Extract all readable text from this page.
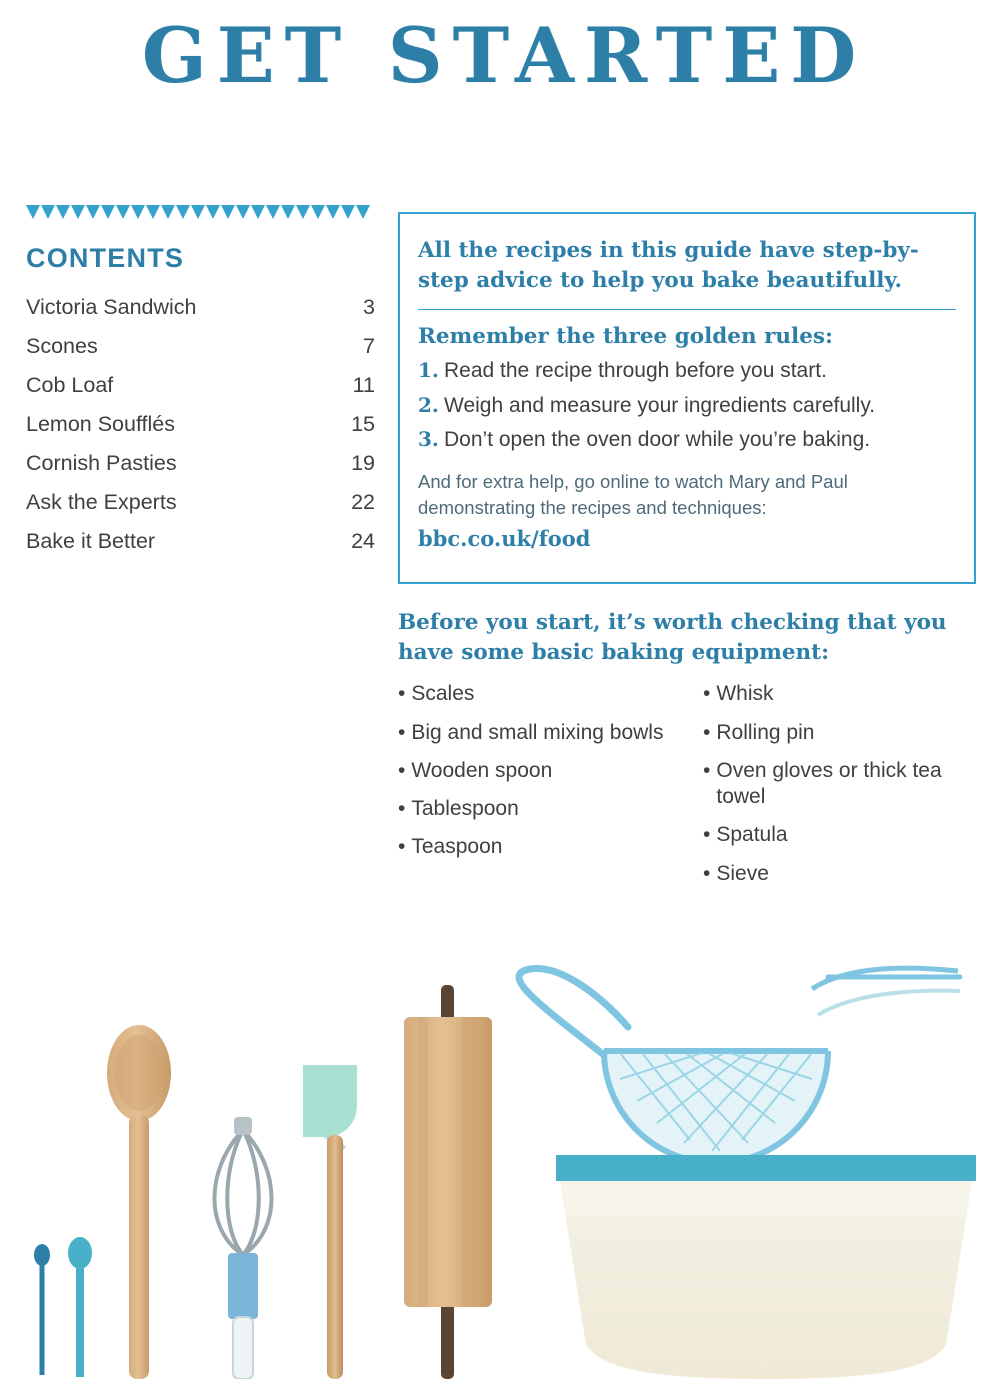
GET STARTED
CONTENTS
Victoria Sandwich	3
Scones	7
Cob Loaf	11
Lemon Soufflés	15
Cornish Pasties	19
Ask the Experts	22
Bake it Better	24

All the recipes in this guide have step-by-step advice to help you bake beautifully.

Remember the three golden rules:

1. Read the recipe through before you start.
2. Weigh and measure your ingredients carefully.
3. Don’t open the oven door while you’re baking.

And for extra help, go online to watch Mary and Paul demonstrating the recipes and techniques:

bbc.co.uk/food

Before you start, it’s worth checking that you have some basic baking equipment:

• Scales
• Big and small mixing bowls
• Wooden spoon
• Tablespoon
• Teaspoon
• Whisk
• Rolling pin
• Oven gloves or thick tea towel
• Spatula
• Sieve
